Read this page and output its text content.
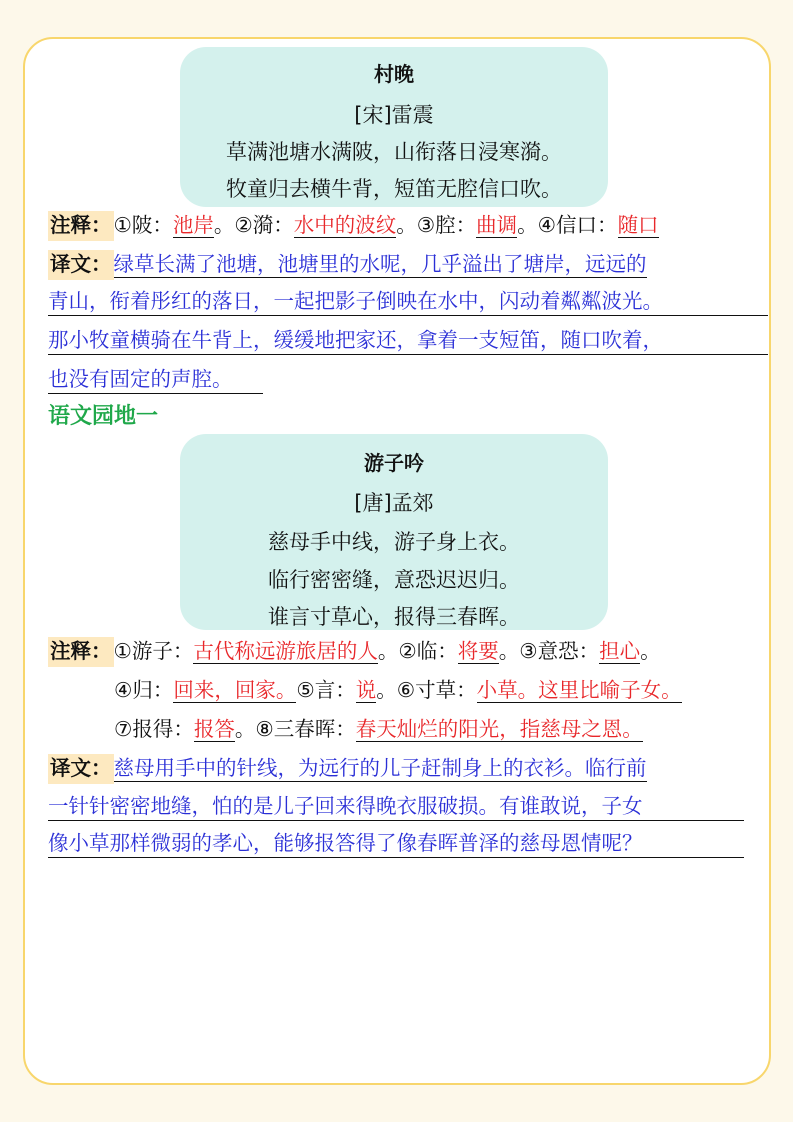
村晚
[宋]雷震
草满池塘水满陂，山衔落日浸寒漪。
牧童归去横牛背，短笛无腔信口吹。
注释：①陂：池岸。②漪：水中的波纹。③腔：曲调。④信口：随口
译文：绿草长满了池塘，池塘里的水呢，几乎溢出了塘岸，远远的
青山，衔着彤红的落日，一起把影子倒映在水中，闪动着粼粼波光。
那小牧童横骑在牛背上，缓缓地把家还，拿着一支短笛，随口吹着，
也没有固定的声腔。
语文园地一
游子吟
[唐]孟郊
慈母手中线，游子身上衣。
临行密密缝，意恐迟迟归。
谁言寸草心，报得三春晖。
注释：①游子：古代称远游旅居的人。②临：将要。③意恐：担心。
④归：回来，回家。⑤言：说。⑥寸草：小草。这里比喻子女。
⑦报得：报答。⑧三春晖：春天灿烂的阳光，指慈母之恩。
译文：慈母用手中的针线，为远行的儿子赶制身上的衣衫。临行前
一针针密密地缝，怕的是儿子回来得晚衣服破损。有谁敢说，子女
像小草那样微弱的孝心，能够报答得了像春晖普泽的慈母恩情呢？
